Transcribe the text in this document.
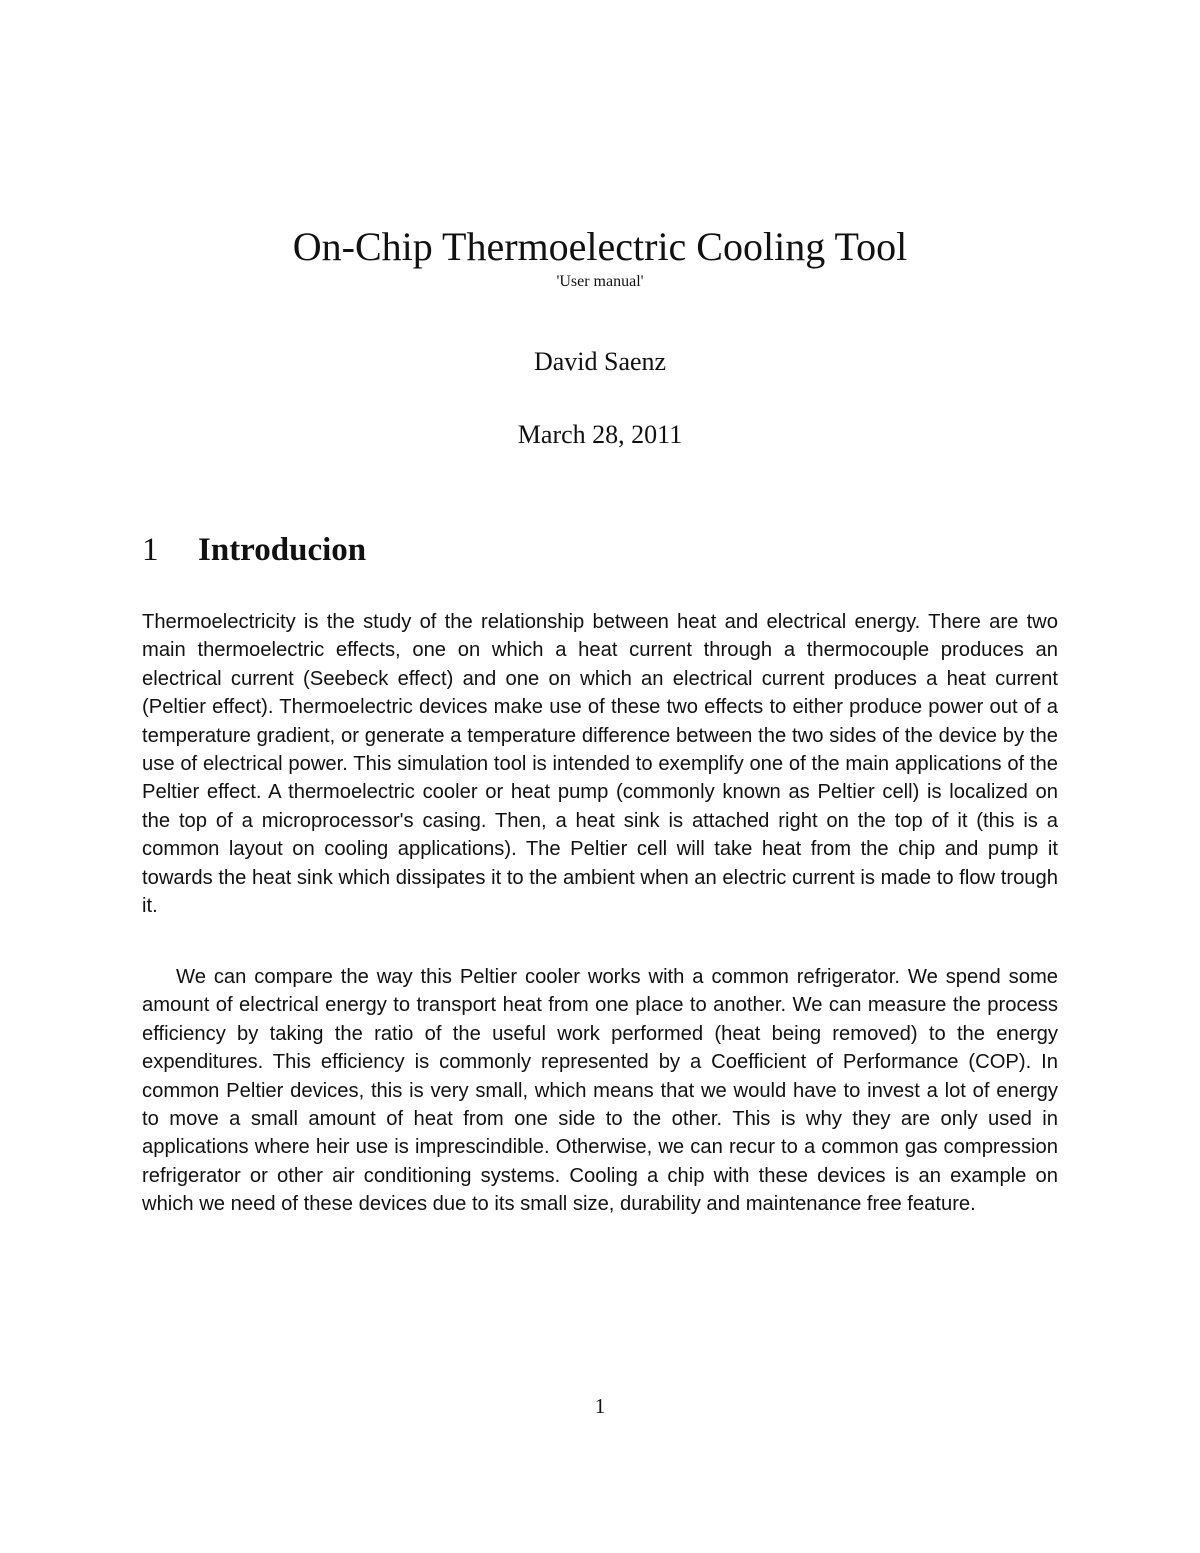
On-Chip Thermoelectric Cooling Tool
'User manual'
David Saenz
March 28, 2011
1 Introducion

Thermoelectricity is the study of the relationship between heat and electrical energy. There are two main thermoelectric effects, one on which a heat current through a thermocouple produces an electrical current (Seebeck effect) and one on which an electrical current produces a heat current (Peltier effect). Thermoelectric devices make use of these two effects to either produce power out of a temperature gradient, or generate a temperature difference between the two sides of the device by the use of electrical power. This simulation tool is intended to exemplify one of the main applications of the Peltier effect. A thermoelectric cooler or heat pump (commonly known as Peltier cell) is localized on the top of a microprocessor's casing. Then, a heat sink is attached right on the top of it (this is a common layout on cooling applications). The Peltier cell will take heat from the chip and pump it towards the heat sink which dissipates it to the ambient when an electric current is made to flow trough it.

We can compare the way this Peltier cooler works with a common refrigerator. We spend some amount of electrical energy to transport heat from one place to another. We can measure the process efficiency by taking the ratio of the useful work performed (heat being removed) to the energy expenditures. This efficiency is commonly represented by a Coefficient of Performance (COP). In common Peltier devices, this is very small, which means that we would have to invest a lot of energy to move a small amount of heat from one side to the other. This is why they are only used in applications where heir use is imprescindible. Otherwise, we can recur to a common gas compression refrigerator or other air conditioning systems. Cooling a chip with these devices is an example on which we need of these devices due to its small size, durability and maintenance free feature.

1
